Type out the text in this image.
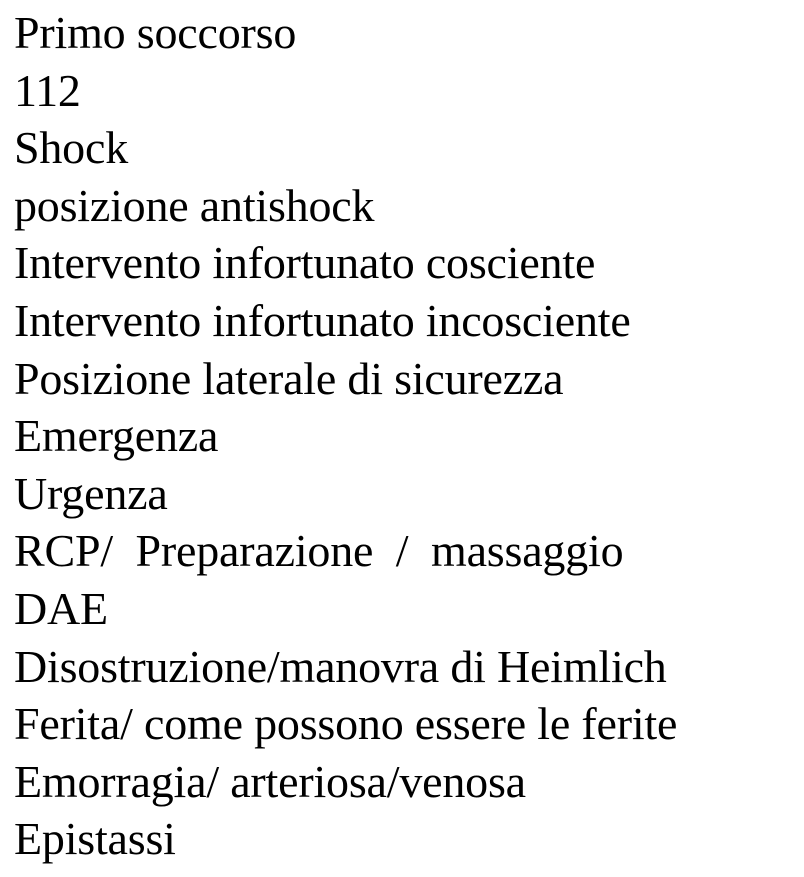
Primo soccorso
112
Shock
posizione antishock
Intervento infortunato cosciente
Intervento infortunato incosciente
Posizione laterale di sicurezza
Emergenza
Urgenza
RCP/  Preparazione  /  massaggio
DAE
Disostruzione/manovra di Heimlich
Ferita/ come possono essere le ferite
Emorragia/ arteriosa/venosa
Epistassi
